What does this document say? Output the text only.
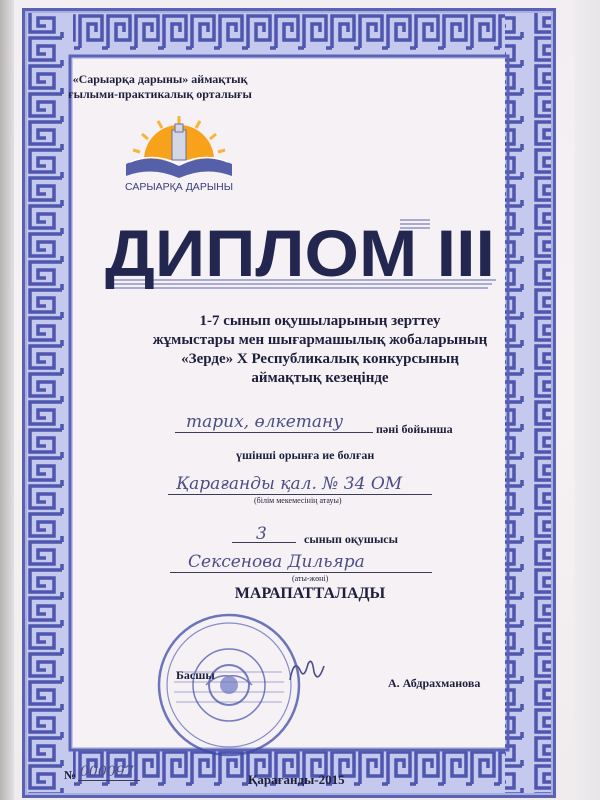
«Сарыарқа дарыны» аймақтық
ғылыми-практикалық орталығы
САРЫАРҚА ДАРЫНЫ
ДИПЛОМ III
1-7 сынып оқушыларының зерттеу
жұмыстары мен шығармашылық жобаларының
«Зерде» X Республикалық конкурсының
аймақтық кезеңінде
тарих, өлкетану	пәні бойынша
үшінші орынға ие болған
Қарағанды қал. № 34 ОМ
(білім мекемесінің атауы)
3	сынып оқушысы
Сексенова Дильяра
(аты-жөні)
МАРАПАТТАЛАДЫ
Басшы
А. Абдрахманова
№ 000097	Қарағанды-2015
